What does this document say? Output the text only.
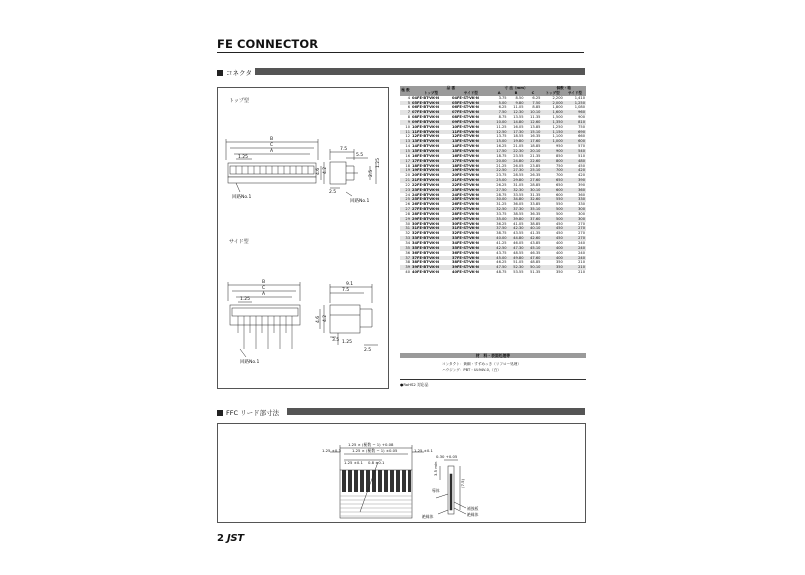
FE CONNECTOR
コネクタ
トップ型
B
C
A
1.25
7.5
5.5
4.6 4.2	2.5
1.25
2.5
回路No.1
回路No.1
サイド型
B
C
A
1.25
9.1
7.5
4.6 4.2
3.5 1.25
2.5
回路No.1
極 数	品 番		寸 法（mm）			個数・箱	
	トップ型	サイド型	A	B	C	トップ型	サイド型
4	04FE-BT-VK-N	04FE-ST-VK-N	3.75	8.50	6.25	2,200	1,410
5	05FE-BT-VK-N	05FE-ST-VK-N	5.00	9.80	7.50	2,000	1,250
6	06FE-BT-VK-N	06FE-ST-VK-N	6.25	11.05	8.85	1,800	1,080
7	07FE-BT-VK-N	07FE-ST-VK-N	7.50	12.30	10.10	1,600	960
8	08FE-BT-VK-N	08FE-ST-VK-N	8.75	13.55	11.35	1,500	900
9	09FE-BT-VK-N	09FE-ST-VK-N	10.00	14.80	12.60	1,350	810
10	10FE-BT-VK-N	10FE-ST-VK-N	11.25	16.05	13.85	1,250	750
11	11FE-BT-VK-N	11FE-ST-VK-N	12.50	17.30	15.10	1,150	690
12	12FE-BT-VK-N	12FE-ST-VK-N	13.75	18.55	16.35	1,100	660
13	13FE-BT-VK-N	13FE-ST-VK-N	15.00	19.80	17.60	1,000	600
14	14FE-BT-VK-N	14FE-ST-VK-N	16.25	21.05	18.85	950	570
15	15FE-BT-VK-N	15FE-ST-VK-N	17.50	22.30	20.10	900	540
16	16FE-BT-VK-N	16FE-ST-VK-N	18.75	23.55	21.35	850	510
17	17FE-BT-VK-N	17FE-ST-VK-N	20.00	24.80	22.60	800	480
18	18FE-BT-VK-N	18FE-ST-VK-N	21.25	26.05	23.85	750	450
19	19FE-BT-VK-N	19FE-ST-VK-N	22.50	27.30	25.10	700	420
20	20FE-BT-VK-N	20FE-ST-VK-N	23.75	28.55	26.35	700	420
21	21FE-BT-VK-N	21FE-ST-VK-N	25.00	29.80	27.60	650	390
22	22FE-BT-VK-N	22FE-ST-VK-N	26.25	31.05	28.85	650	390
23	23FE-BT-VK-N	23FE-ST-VK-N	27.50	32.30	30.10	600	360
24	24FE-BT-VK-N	24FE-ST-VK-N	28.75	33.55	31.35	600	360
25	25FE-BT-VK-N	25FE-ST-VK-N	30.00	34.80	32.60	550	330
26	26FE-BT-VK-N	26FE-ST-VK-N	31.25	36.05	33.85	550	330
27	27FE-BT-VK-N	27FE-ST-VK-N	32.50	37.30	35.10	500	300
28	28FE-BT-VK-N	28FE-ST-VK-N	33.75	38.55	36.35	500	300
29	29FE-BT-VK-N	29FE-ST-VK-N	35.00	39.80	37.60	500	300
30	30FE-BT-VK-N	30FE-ST-VK-N	36.25	41.05	38.85	450	270
31	31FE-BT-VK-N	31FE-ST-VK-N	37.50	42.30	40.10	450	270
32	32FE-BT-VK-N	32FE-ST-VK-N	38.75	43.55	41.35	450	270
33	33FE-BT-VK-N	33FE-ST-VK-N	40.00	44.80	42.60	450	270
34	34FE-BT-VK-N	34FE-ST-VK-N	41.25	46.05	43.85	400	240
35	35FE-BT-VK-N	35FE-ST-VK-N	42.50	47.30	45.10	400	240
36	36FE-BT-VK-N	36FE-ST-VK-N	43.75	48.55	46.35	400	240
37	37FE-BT-VK-N	37FE-ST-VK-N	45.00	49.80	47.60	400	240
38	38FE-BT-VK-N	38FE-ST-VK-N	46.25	51.05	48.85	350	210
39	39FE-BT-VK-N	39FE-ST-VK-N	47.50	52.30	50.10	350	210
40	40FE-BT-VK-N	40FE-ST-VK-N	48.75	53.55	51.35	350	210
材　料・表面処理等
コンタクト：黄銅・すずめっき（リフロー処理）
ハウジング：PBT・UL94V-0,（白）
●RoHS2 対応品
FFC リード部寸法
1.25 × (極数 − 1) +0.08
1.25 × (極数 − 1) ±0.05
1.25 ±0.3	1.25 ±0.1
1.25 ±0.1 0.8 ±0.1
0.30 +0.05
3.5 min
(7.5)
導体
補強板
絶縁体
絶縁体
2 JST
